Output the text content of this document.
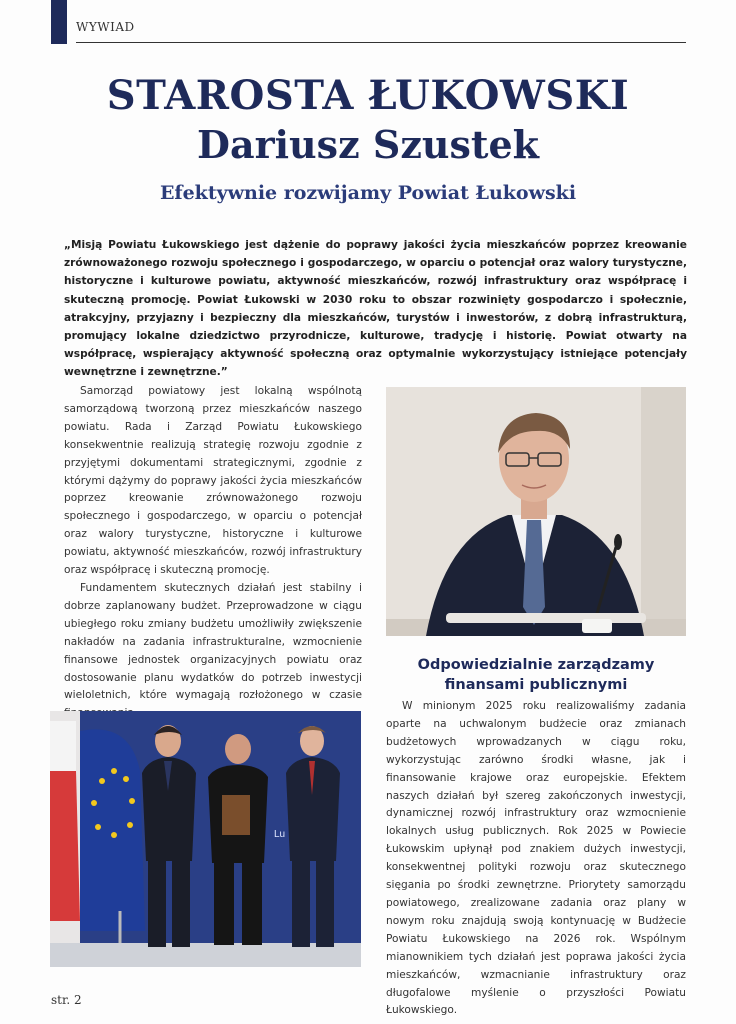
WYWIAD
STAROSTA ŁUKOWSKI
Dariusz Szustek
Efektywnie rozwijamy Powiat Łukowski
„Misją Powiatu Łukowskiego jest dążenie do poprawy jakości życia mieszkańców poprzez kreowanie zrównoważonego rozwoju społecznego i gospodarczego, w oparciu o potencjał oraz walory turystyczne, historyczne i kulturowe powiatu, aktywność mieszkańców, rozwój infrastruktury oraz współpracę i skuteczną promocję. Powiat Łukowski w 2030 roku to obszar rozwinięty gospodarczo i społecznie, atrakcyjny, przyjazny i bezpieczny dla mieszkańców, turystów i inwestorów, z dobrą infrastrukturą, promujący lokalne dziedzictwo przyrodnicze, kulturowe, tradycję i historię. Powiat otwarty na współpracę, wspierający aktywność społeczną oraz optymalnie wykorzystujący istniejące potencjały wewnętrzne i zewnętrzne.”

Samorząd powiatowy jest lokalną wspólnotą samorządową tworzoną przez mieszkańców naszego powiatu. Rada i Zarząd Powiatu Łukowskiego konsekwentnie realizują strategię rozwoju zgodnie z przyjętymi dokumentami strategicznymi, zgodnie z którymi dążymy do poprawy jakości życia mieszkańców poprzez kreowanie zrównoważonego rozwoju społecznego i gospodarczego, w oparciu o potencjał oraz walory turystyczne, historyczne i kulturowe powiatu, aktywność mieszkańców, rozwój infrastruktury oraz współpracę i skuteczną promocję.

Fundamentem skutecznych działań jest stabilny i dobrze zaplanowany budżet. Przeprowadzone w ciągu ubiegłego roku zmiany budżetu umożliwiły zwiększenie nakładów na zadania infrastrukturalne, wzmocnienie finansowe jednostek organizacyjnych powiatu oraz dostosowanie planu wydatków do potrzeb inwestycji wieloletnich, które wymagają rozłożonego w czasie

Odpowiedzialnie zarządzamy
finansami publicznymi

W minionym 2025 roku realizowaliśmy zadania oparte na uchwalonym budżecie oraz zmianach budżetowych wprowadzanych w ciągu roku, wykorzystując zarówno środki własne, jak i finansowanie krajowe oraz europejskie. Efektem naszych działań był szereg zakończonych inwestycji, dynamicznej rozwój infrastruktury oraz wzmocnienie lokalnych usług publicznych. Rok 2025 w Powiecie Łukowskim upłynął pod znakiem dużych inwestycji, konsekwentnej polityki rozwoju oraz skutecznego sięgania po środki zewnętrzne. Priorytety samorządu powiatowego, zrealizowane zadania oraz plany w nowym roku znajdują swoją kontynuację w Budżecie Powiatu Łukowskiego na 2026 rok. Wspólnym mianownikiem tych działań jest poprawa jakości życia mieszkańców, wzmacnianie infrastruktury oraz długofalowe myślenie o przyszłości Powiatu Łukowskiego.

Lu
str. 2
